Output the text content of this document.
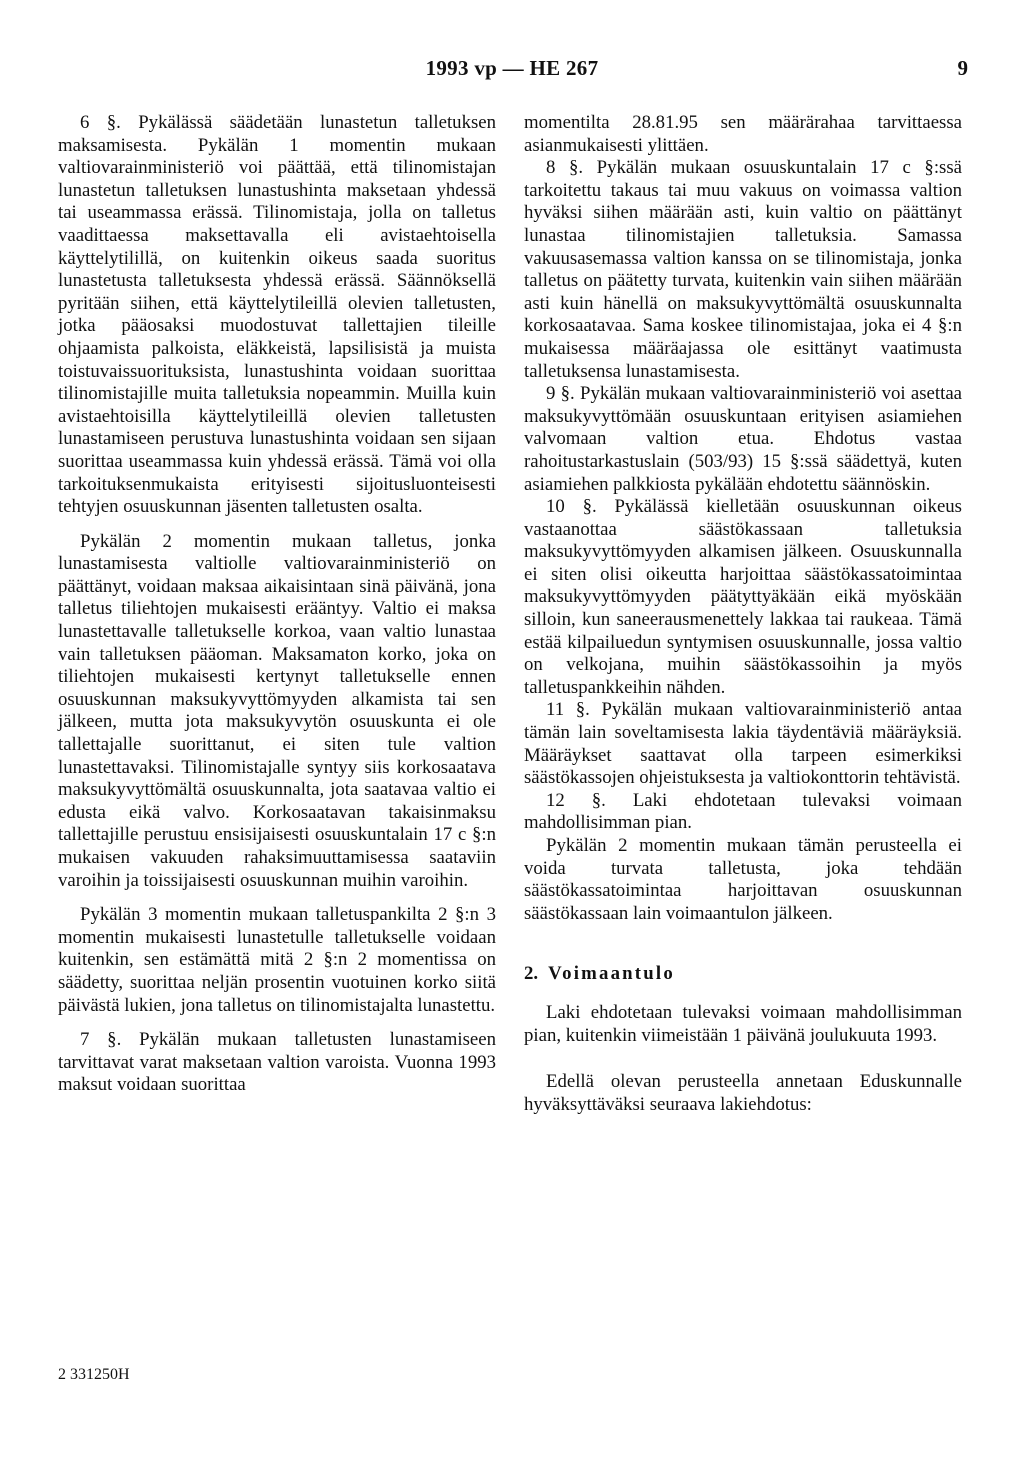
1993 vp — HE 267	9

6 §. Pykälässä säädetään lunastetun talletuksen maksamisesta. Pykälän 1 momentin mukaan valtiovarainministeriö voi päättää, että tilinomistajan lunastetun talletuksen lunastushinta maksetaan yhdessä tai useammassa erässä. Tilinomistaja, jolla on talletus vaadittaessa maksettavalla eli avistaehtoisella käyttelytilillä, on kuitenkin oikeus saada suoritus lunastetusta talletuksesta yhdessä erässä. Säännöksellä pyritään siihen, että käyttelytileillä olevien talletusten, jotka pääosaksi muodostuvat tallettajien tileille ohjaamista palkoista, eläkkeistä, lapsilisistä ja muista toistuvaissuorituksista, lunastushinta voidaan suorittaa tilinomistajille muita talletuksia nopeammin. Muilla kuin avistaehtoisilla käyttelytileillä olevien talletusten lunastamiseen perustuva lunastushinta voidaan sen sijaan suorittaa useammassa kuin yhdessä erässä. Tämä voi olla tarkoituksenmukaista erityisesti sijoitusluonteisesti tehtyjen osuuskunnan jäsenten talletusten osalta.

Pykälän 2 momentin mukaan talletus, jonka lunastamisesta valtiolle valtiovarainministeriö on päättänyt, voidaan maksaa aikaisintaan sinä päivänä, jona talletus tiliehtojen mukaisesti erääntyy. Valtio ei maksa lunastettavalle talletukselle korkoa, vaan valtio lunastaa vain talletuksen pääoman. Maksamaton korko, joka on tiliehtojen mukaisesti kertynyt talletukselle ennen osuuskunnan maksukyvyttömyyden alkamista tai sen jälkeen, mutta jota maksukyvytön osuuskunta ei ole tallettajalle suorittanut, ei siten tule valtion lunastettavaksi. Tilinomistajalle syntyy siis korkosaatava maksukyvyttömältä osuuskunnalta, jota saatavaa valtio ei edusta eikä valvo. Korkosaatavan takaisinmaksu tallettajille perustuu ensisijaisesti osuuskuntalain 17 c §:n mukaisen vakuuden rahaksimuuttamisessa saataviin varoihin ja toissijaisesti osuuskunnan muihin varoihin.

Pykälän 3 momentin mukaan talletuspankilta 2 §:n 3 momentin mukaisesti lunastetulle talletukselle voidaan kuitenkin, sen estämättä mitä 2 §:n 2 momentissa on säädetty, suorittaa neljän prosentin vuotuinen korko siitä päivästä lukien, jona talletus on tilinomistajalta lunastettu.

7 §. Pykälän mukaan talletusten lunastamiseen tarvittavat varat maksetaan valtion varoista. Vuonna 1993 maksut voidaan suorittaa

momentilta 28.81.95 sen määrärahaa tarvittaessa asianmukaisesti ylittäen.

8 §. Pykälän mukaan osuuskuntalain 17 c §:ssä tarkoitettu takaus tai muu vakuus on voimassa valtion hyväksi siihen määrään asti, kuin valtio on päättänyt lunastaa tilinomistajien talletuksia. Samassa vakuusasemassa valtion kanssa on se tilinomistaja, jonka talletus on päätetty turvata, kuitenkin vain siihen määrään asti kuin hänellä on maksukyvyttömältä osuuskunnalta korkosaatavaa. Sama koskee tilinomistajaa, joka ei 4 §:n mukaisessa määräajassa ole esittänyt vaatimusta talletuksensa lunastamisesta.

9 §. Pykälän mukaan valtiovarainministeriö voi asettaa maksukyvyttömään osuuskuntaan erityisen asiamiehen valvomaan valtion etua. Ehdotus vastaa rahoitustarkastuslain (503/93) 15 §:ssä säädettyä, kuten asiamiehen palkkiosta pykälään ehdotettu säännöskin.

10 §. Pykälässä kielletään osuuskunnan oikeus vastaanottaa säästökassaan talletuksia maksukyvyttömyyden alkamisen jälkeen. Osuuskunnalla ei siten olisi oikeutta harjoittaa säästökassatoimintaa maksukyvyttömyyden päätyttyäkään eikä myöskään silloin, kun saneerausmenettely lakkaa tai raukeaa. Tämä estää kilpailuedun syntymisen osuuskunnalle, jossa valtio on velkojana, muihin säästökassoihin ja myös talletuspankkeihin nähden.

11 §. Pykälän mukaan valtiovarainministeriö antaa tämän lain soveltamisesta lakia täydentäviä määräyksiä. Määräykset saattavat olla tarpeen esimerkiksi säästökassojen ohjeistuksesta ja valtiokonttorin tehtävistä.

12 §. Laki ehdotetaan tulevaksi voimaan mahdollisimman pian.

Pykälän 2 momentin mukaan tämän perusteella ei voida turvata talletusta, joka tehdään säästökassatoimintaa harjoittavan osuuskunnan säästökassaan lain voimaantulon jälkeen.

2. Voimaantulo

Laki ehdotetaan tulevaksi voimaan mahdollisimman pian, kuitenkin viimeistään 1 päivänä joulukuuta 1993.

Edellä olevan perusteella annetaan Eduskunnalle hyväksyttäväksi seuraava lakiehdotus:

2 331250H
